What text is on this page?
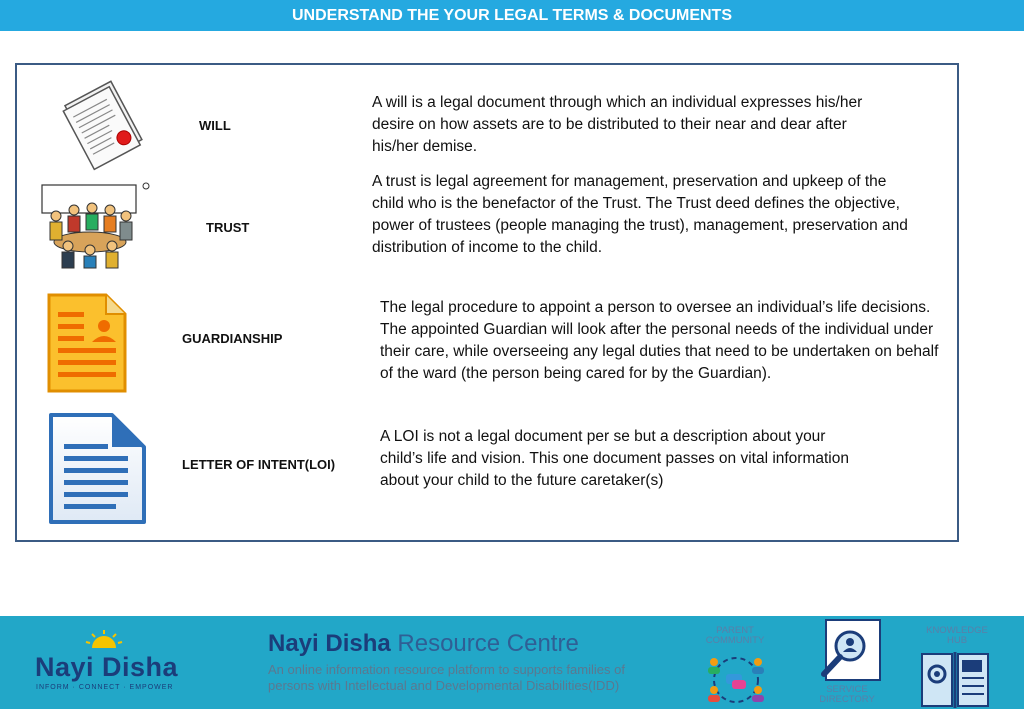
UNDERSTAND THE YOUR LEGAL TERMS & DOCUMENTS
WILL
A will is a legal document through which an individual expresses his/her desire on how assets are to be distributed to their near and dear after his/her demise.
TRUST
A trust is legal agreement for management, preservation and upkeep of the child who is the benefactor of the Trust. The Trust deed defines the objective, power of trustees (people managing the trust), management, preservation and distribution of income to the child.
GUARDIANSHIP
The legal procedure to appoint a person to oversee an individual’s life decisions. The appointed Guardian will look after the personal needs of the individual under their care, while overseeing any legal duties that need to be undertaken on behalf of the ward (the person being cared for by the Guardian).
LETTER OF INTENT(LOI)
A LOI is not a legal document per se but a description about your child’s life and vision. This one document passes on vital information about your child to the future caretaker(s)
Nayi Disha
INFORM · CONNECT · EMPOWER
Nayi Disha Resource Centre
An online information resource platform to supports families of persons with Intellectual and Developmental Disabilities(IDD)
PARENT COMMUNITY
SERVICE DIRECTORY
KNOWLEDGE HUB
